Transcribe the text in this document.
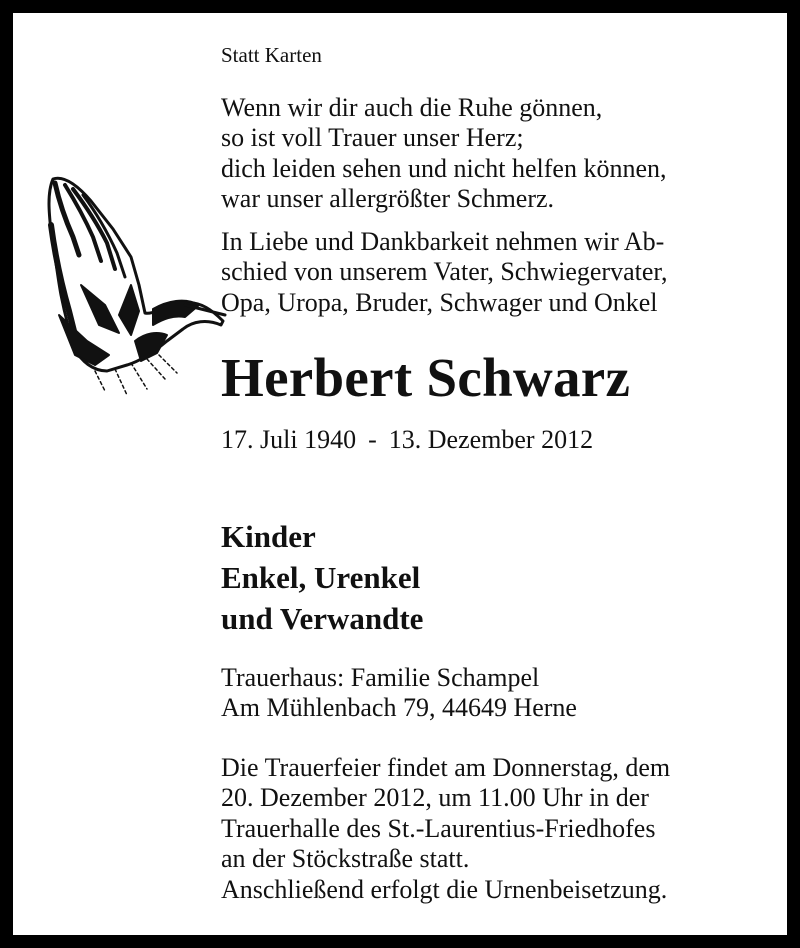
Statt Karten

Wenn wir dir auch die Ruhe gönnen,
so ist voll Trauer unser Herz;
dich leiden sehen und nicht helfen können,
war unser allergrößter Schmerz.

In Liebe und Dankbarkeit nehmen wir Ab-
schied von unserem Vater, Schwiegervater,
Opa, Uropa, Bruder, Schwager und Onkel

Herbert Schwarz

17. Juli 1940 - 13. Dezember 2012

Kinder
Enkel, Urenkel
und Verwandte

Trauerhaus: Familie Schampel
Am Mühlenbach 79, 44649 Herne

Die Trauerfeier findet am Donnerstag, dem
20. Dezember 2012, um 11.00 Uhr in der
Trauerhalle des St.-Laurentius-Friedhofes
an der Stöckstraße statt.
Anschließend erfolgt die Urnenbeisetzung.
